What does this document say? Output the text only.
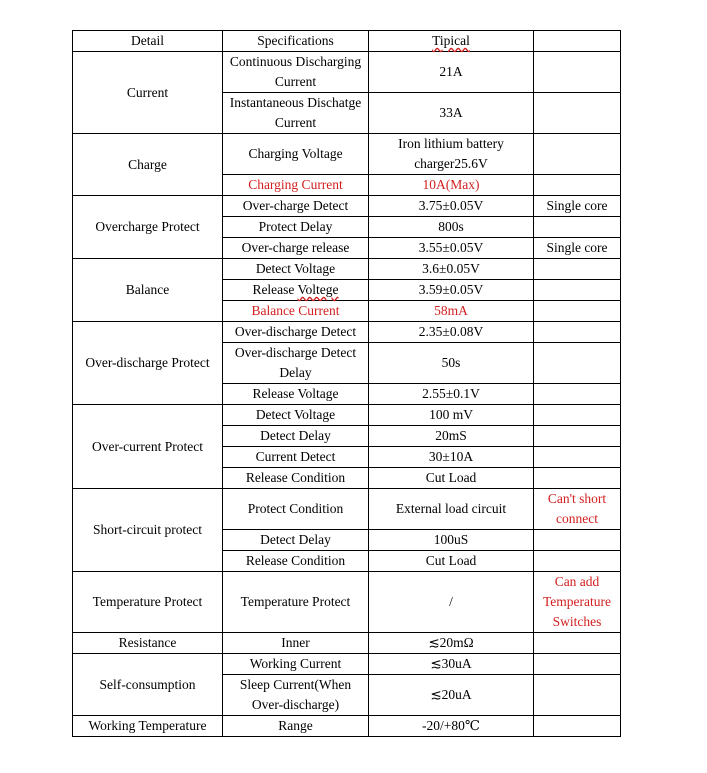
Detail	Specifications	Tipical	
Current	Continuous Discharging Current	21A	
	Instantaneous Dischatge Current	33A	
Charge	Charging Voltage	Iron lithium battery charger25.6V	
	Charging Current	10A(Max)	
Overcharge Protect	Over-charge Detect	3.75±0.05V	Single core
	Protect Delay	800s	
	Over-charge release	3.55±0.05V	Single core
Balance	Detect Voltage	3.6±0.05V	
	Release Voltege	3.59±0.05V	
	Balance Current	58mA	
Over-discharge Protect	Over-discharge Detect	2.35±0.08V	
	Over-discharge Detect Delay	50s	
	Release Voltage	2.55±0.1V	
Over-current Protect	Detect Voltage	100 mV	
	Detect Delay	20mS	
	Current Detect	30±10A	
	Release Condition	Cut Load	
Short-circuit protect	Protect Condition	External load circuit	Can't short connect
	Detect Delay	100uS	
	Release Condition	Cut Load	
Temperature Protect	Temperature Protect	/	Can add Temperature Switches
Resistance	Inner	≲20mΩ	
Self-consumption	Working Current	≲30uA	
	Sleep Current(When Over-discharge)	≲20uA	
Working Temperature	Range	-20/+80℃	
